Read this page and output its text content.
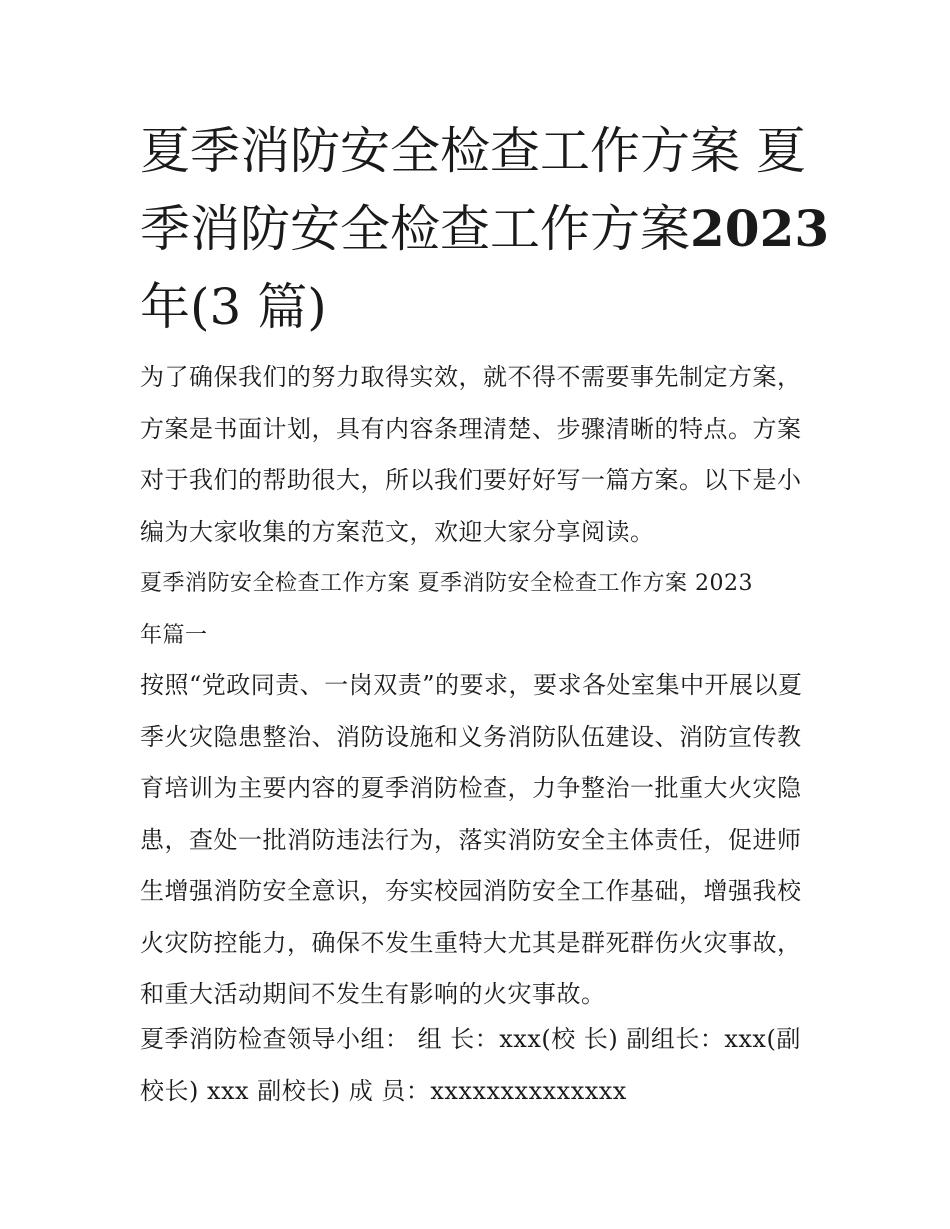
夏季消防安全检查工作方案 夏
季消防安全检查工作方案2023
年(3 篇)

为了确保我们的努力取得实效，就不得不需要事先制定方案，
方案是书面计划，具有内容条理清楚、步骤清晰的特点。方案
对于我们的帮助很大，所以我们要好好写一篇方案。以下是小
编为大家收集的方案范文，欢迎大家分享阅读。

夏季消防安全检查工作方案 夏季消防安全检查工作方案 2023
年篇一

按照“党政同责、一岗双责”的要求，要求各处室集中开展以夏
季火灾隐患整治、消防设施和义务消防队伍建设、消防宣传教
育培训为主要内容的夏季消防检查，力争整治一批重大火灾隐
患，查处一批消防违法行为，落实消防安全主体责任，促进师
生增强消防安全意识，夯实校园消防安全工作基础，增强我校
火灾防控能力，确保不发生重特大尤其是群死群伤火灾事故，
和重大活动期间不发生有影响的火灾事故。

夏季消防检查领导小组： 组 长：xxx(校 长) 副组长：xxx(副
校长) xxx 副校长) 成 员：xxxxxxxxxxxxxx
